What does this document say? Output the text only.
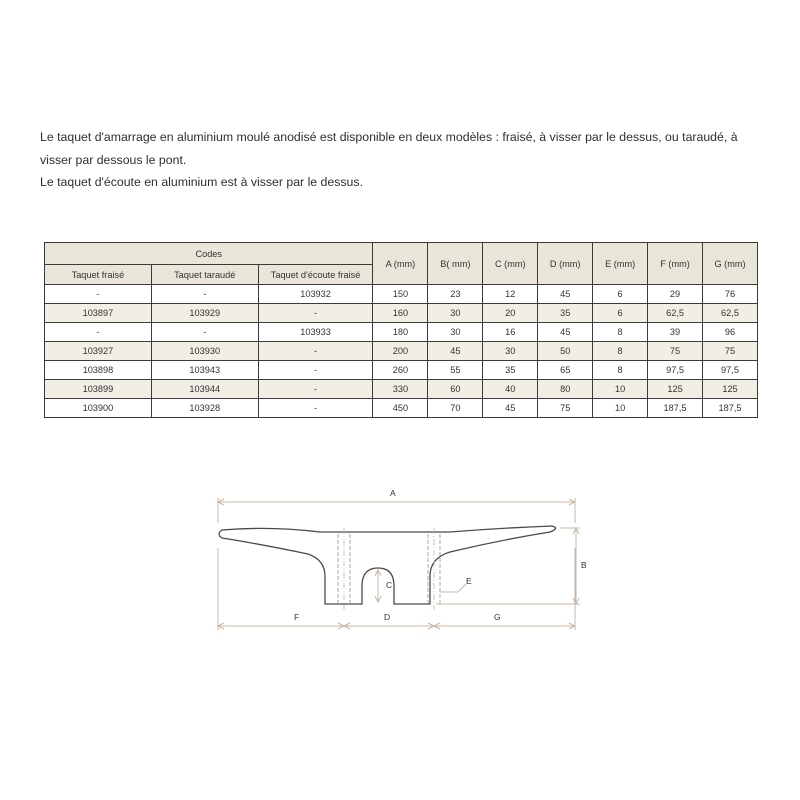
Le taquet d'amarrage en aluminium moulé anodisé est disponible en deux modèles : fraisé, à visser par le dessus, ou taraudé, à visser par dessous le pont.

Le taquet d'écoute en aluminium est à visser par le dessus.

Codes			A (mm)	B( mm)	C (mm)	D (mm)	E (mm)	F (mm)	G (mm)
Taquet fraisé	Taquet taraudé	Taquet d'écoute fraisé							
-	-	103932	150	23	12	45	6	29	76
103897	103929	-	160	30	20	35	6	62,5	62,5
-	-	103933	180	30	16	45	8	39	96
103927	103930	-	200	45	30	50	8	75	75
103898	103943	-	260	55	35	65	8	97,5	97,5
103899	103944	-	330	60	40	80	10	125	125
103900	103928	-	450	70	45	75	10	187,5	187,5
A
B
C	E
F	D	G
